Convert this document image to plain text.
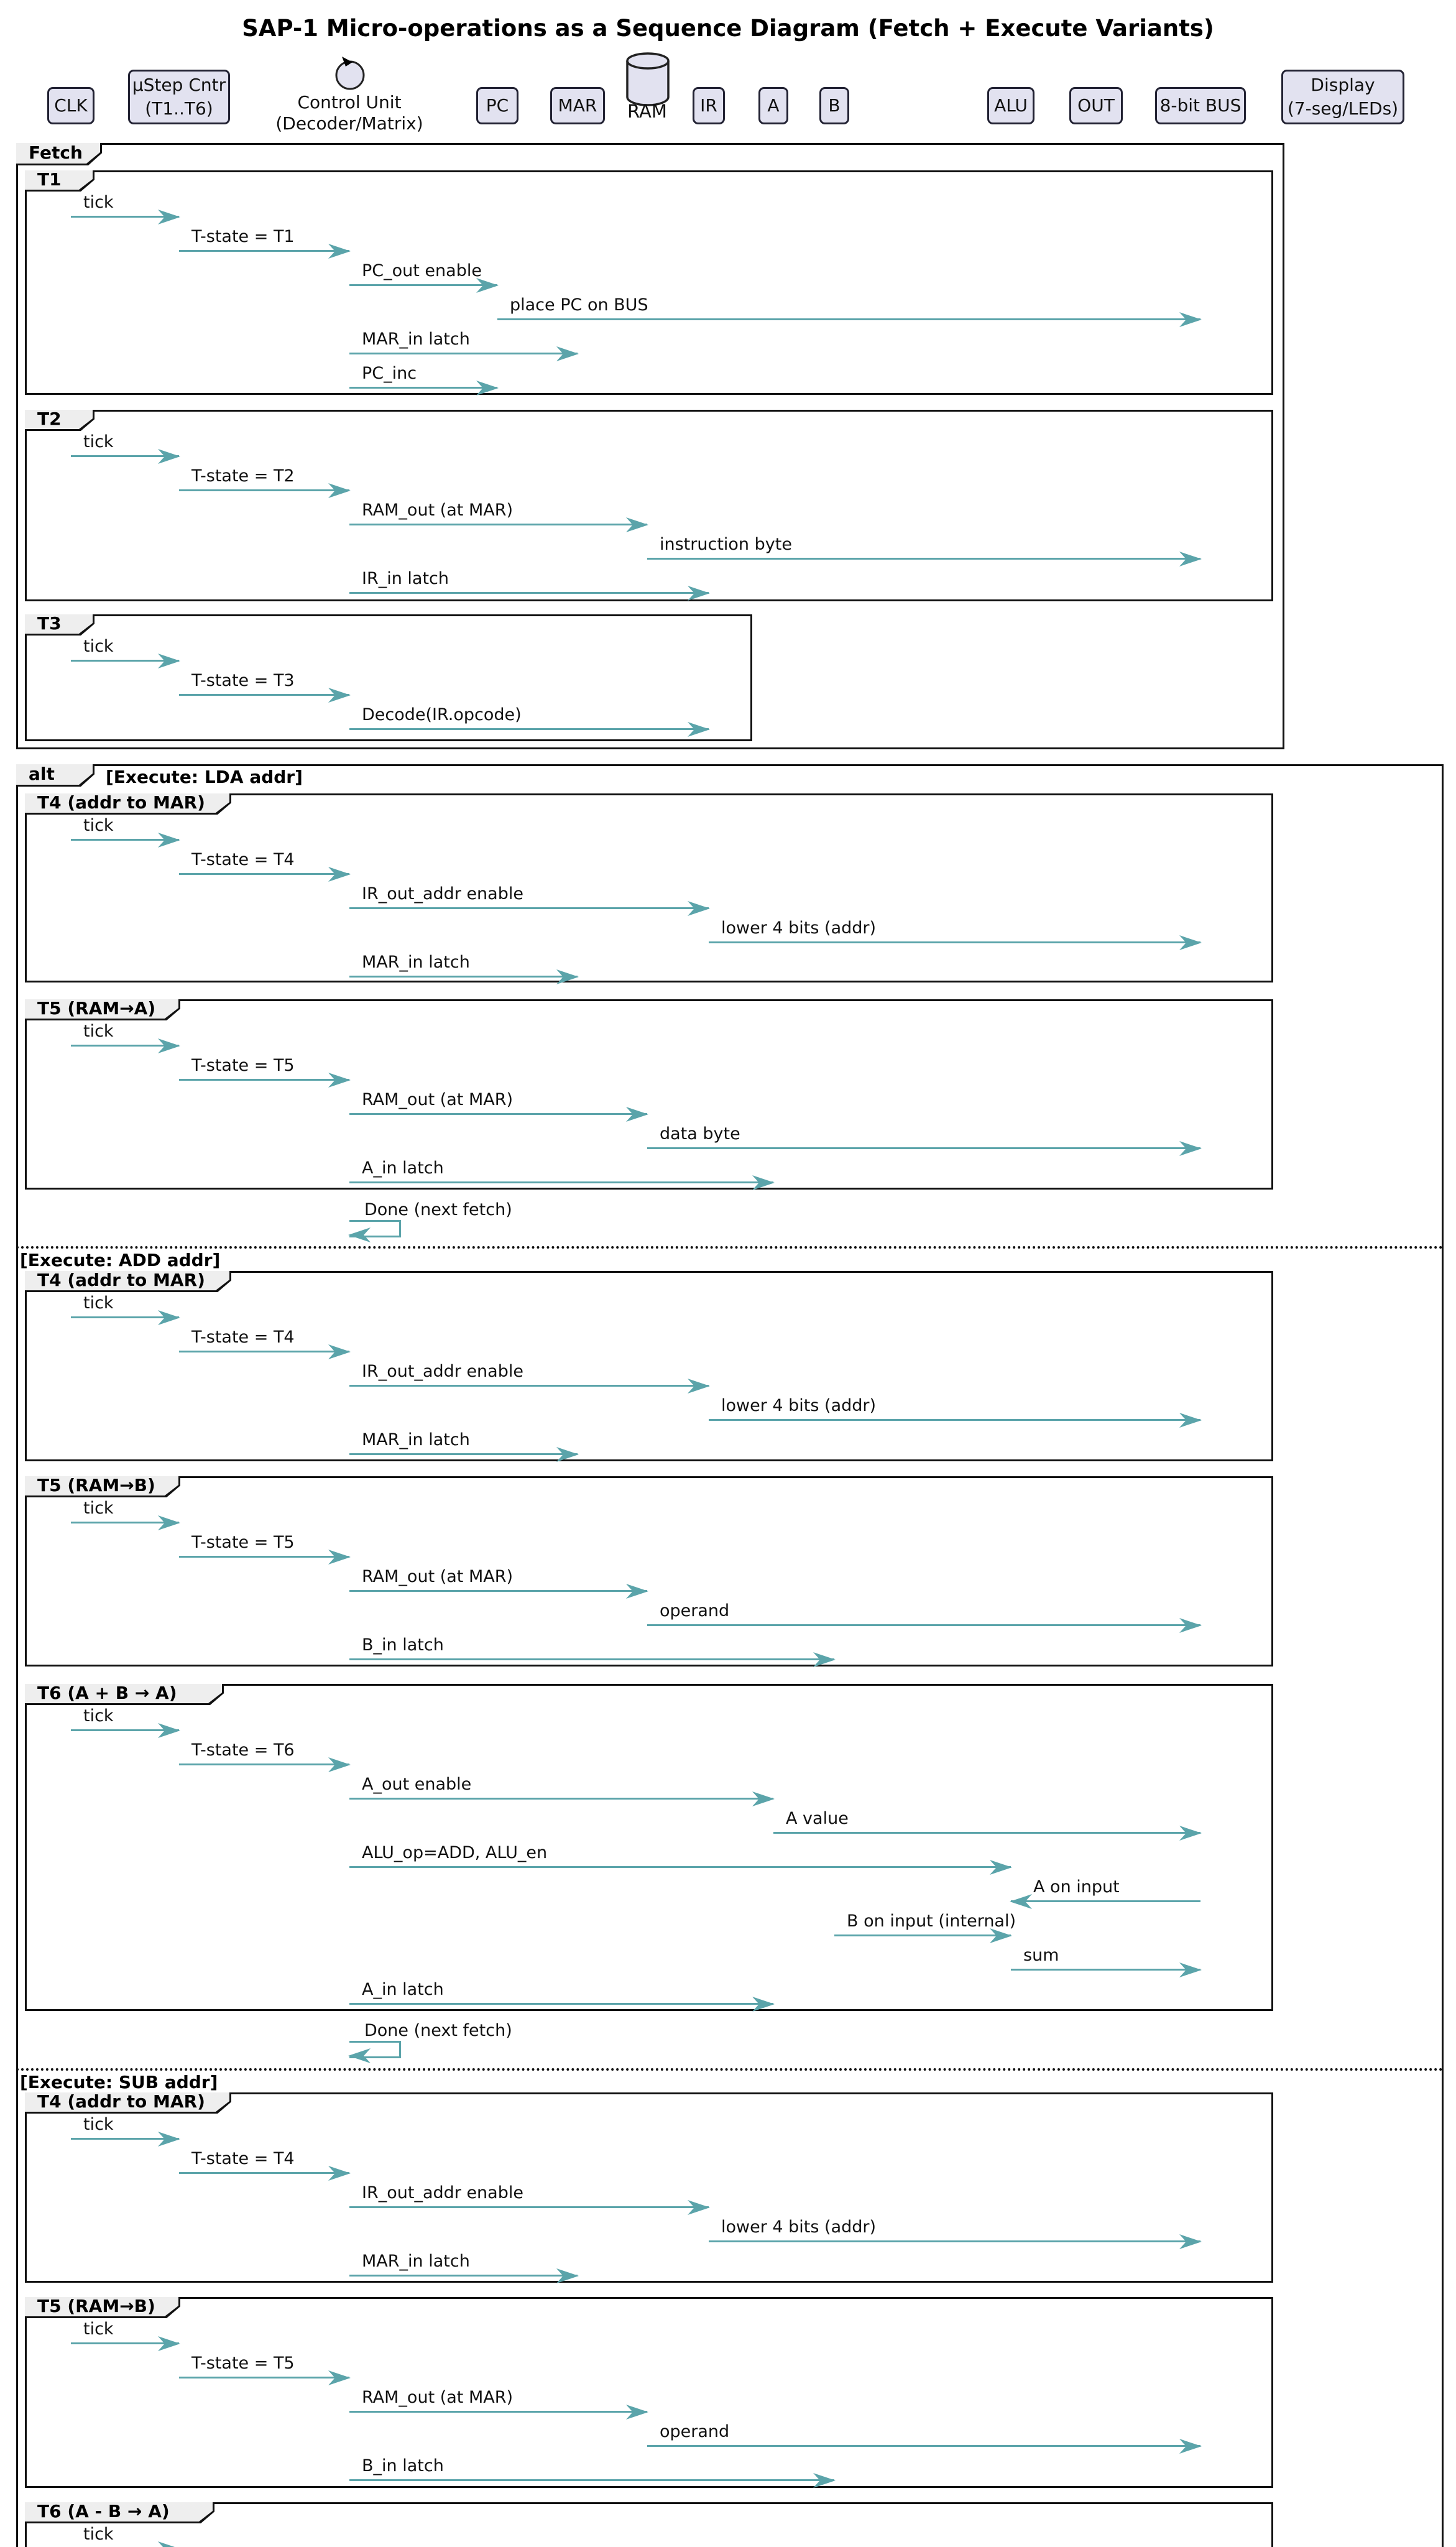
SAP-1 Micro-operations as a Sequence Diagram (Fetch + Execute Variants)
CLK
µStep Cntr
(T1..T6)	Control Unit
(Decoder/Matrix)
PC	MAR RAM IR	A	B	ALU	OUT	8-bit BUS
Display
(7-seg/LEDs)
Fetch
T1
tick
T-state = T1
PC_out enable
place PC on BUS
MAR_in latch
PC_inc
T2
tick
T-state = T2
RAM_out (at MAR)
instruction byte
IR_in latch
T3
tick
T-state = T3
Decode(IR.opcode)
alt	[Execute: LDA addr]
T4 (addr to MAR)
tick
T-state = T4
IR_out_addr enable
lower 4 bits (addr)
MAR_in latch
T5 (RAM→A)
tick
T-state = T5
RAM_out (at MAR)
data byte
A_in latch
Done (next fetch)
[Execute: ADD addr]
T4 (addr to MAR)
tick
T-state = T4
IR_out_addr enable
lower 4 bits (addr)
MAR_in latch
T5 (RAM→B)
tick
T-state = T5
RAM_out (at MAR)
operand
B_in latch
T6 (A + B → A)
tick
T-state = T6
A_out enable
A value
ALU_op=ADD, ALU_en
A on input
B on input (internal)
sum
A_in latch
Done (next fetch)
[Execute: SUB addr]
T4 (addr to MAR)
tick
T-state = T4
IR_out_addr enable
lower 4 bits (addr)
MAR_in latch
T5 (RAM→B)
tick
T-state = T5
RAM_out (at MAR)
operand
B_in latch
T6 (A - B → A)
tick
